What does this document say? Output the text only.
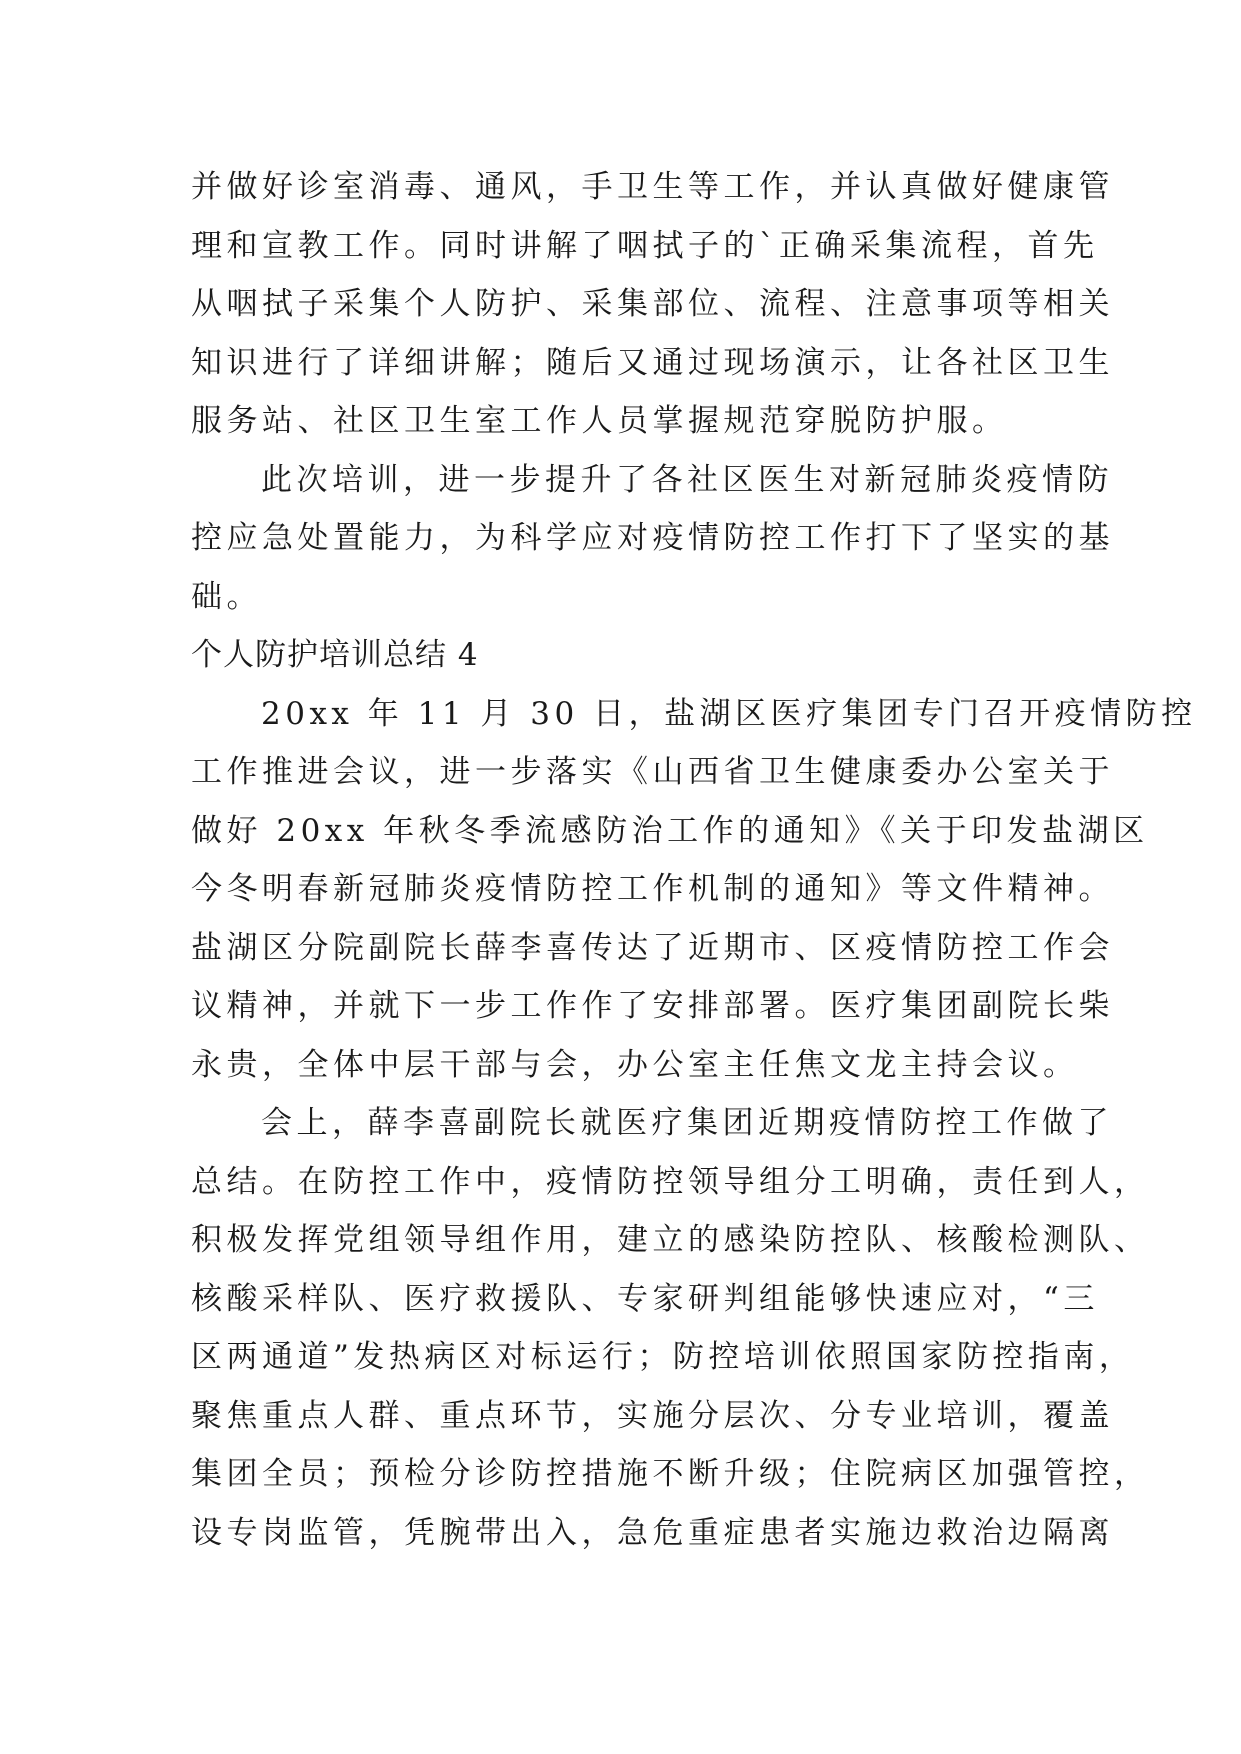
并做好诊室消毒、通风，手卫生等工作，并认真做好健康管
理和宣教工作。同时讲解了咽拭子的`正确采集流程，首先
从咽拭子采集个人防护、采集部位、流程、注意事项等相关
知识进行了详细讲解；随后又通过现场演示，让各社区卫生
服务站、社区卫生室工作人员掌握规范穿脱防护服。
此次培训，进一步提升了各社区医生对新冠肺炎疫情防
控应急处置能力，为科学应对疫情防控工作打下了坚实的基
础。
个人防护培训总结 4
20xx 年 11 月 30 日，盐湖区医疗集团专门召开疫情防控
工作推进会议，进一步落实《山西省卫生健康委办公室关于
做好 20xx 年秋冬季流感防治工作的通知》《关于印发盐湖区
今冬明春新冠肺炎疫情防控工作机制的通知》等文件精神。
盐湖区分院副院长薛李喜传达了近期市、区疫情防控工作会
议精神，并就下一步工作作了安排部署。医疗集团副院长柴
永贵，全体中层干部与会，办公室主任焦文龙主持会议。
会上，薛李喜副院长就医疗集团近期疫情防控工作做了
总结。在防控工作中，疫情防控领导组分工明确，责任到人，
积极发挥党组领导组作用，建立的感染防控队、核酸检测队、
核酸采样队、医疗救援队、专家研判组能够快速应对，“三
区两通道”发热病区对标运行；防控培训依照国家防控指南，
聚焦重点人群、重点环节，实施分层次、分专业培训，覆盖
集团全员；预检分诊防控措施不断升级；住院病区加强管控，
设专岗监管，凭腕带出入，急危重症患者实施边救治边隔离
